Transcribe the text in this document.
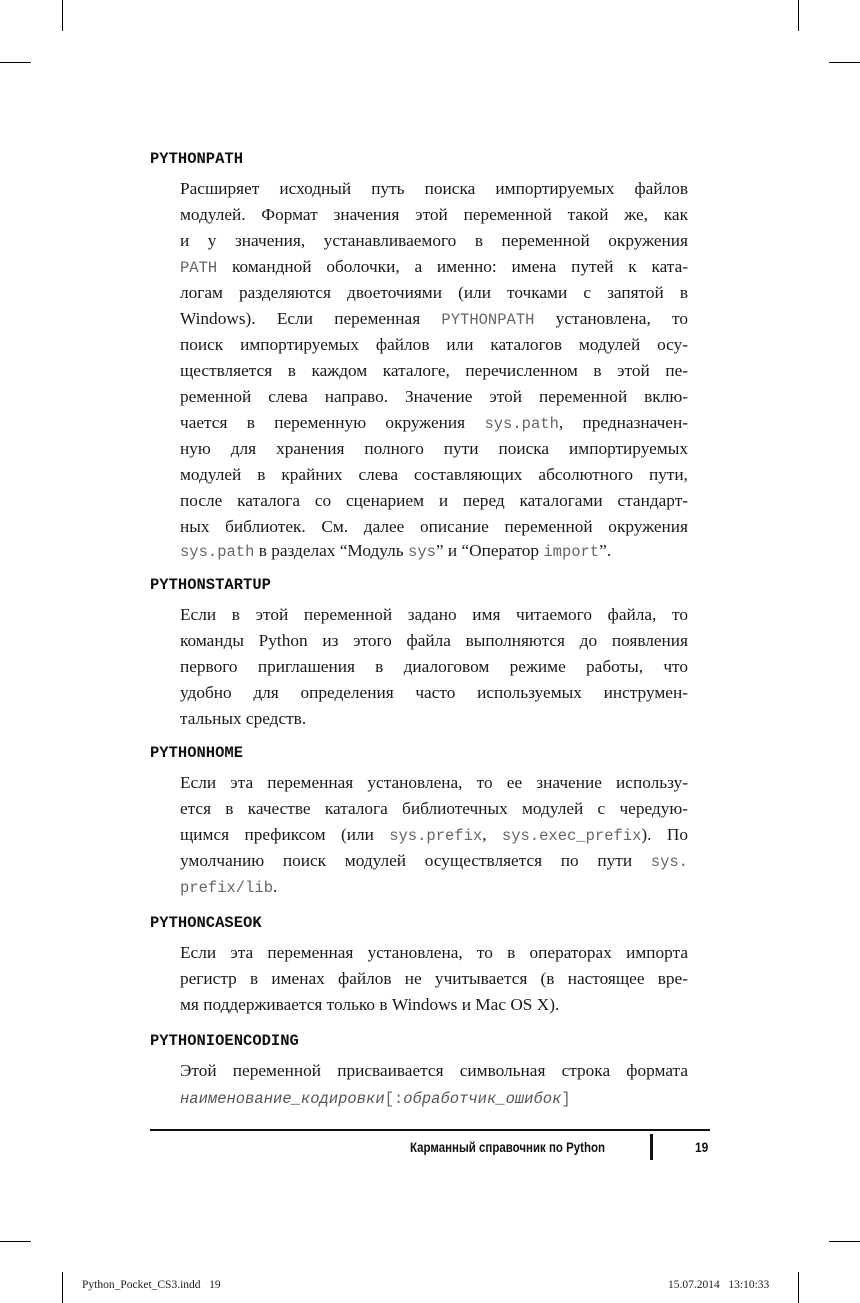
PYTHONPATH
Расширяет исходный путь поиска импортируемых файлов
модулей. Формат значения этой переменной такой же, как
и у значения, устанавливаемого в переменной окружения
PATH командной оболочки, а именно: имена путей к ката-
логам разделяются двоеточиями (или точками с запятой в
Windows). Если переменная PYTHONPATH установлена, то
поиск импортируемых файлов или каталогов модулей осу-
ществляется в каждом каталоге, перечисленном в этой пе-
ременной слева направо. Значение этой переменной вклю-
чается в переменную окружения sys.path, предназначен-
ную для хранения полного пути поиска импортируемых
модулей в крайних слева составляющих абсолютного пути,
после каталога со сценарием и перед каталогами стандарт-
ных библиотек. См. далее описание переменной окружения
sys.path в разделах “Модуль sys” и “Оператор import”.
PYTHONSTARTUP
Если в этой переменной задано имя читаемого файла, то
команды Python из этого файла выполняются до появления
первого приглашения в диалоговом режиме работы, что
удобно для определения часто используемых инструмен-
тальных средств.
PYTHONHOME
Если эта переменная установлена, то ее значение использу-
ется в качестве каталога библиотечных модулей с чередую-
щимся префиксом (или sys.prefix, sys.exec_prefix). По
умолчанию поиск модулей осуществляется по пути sys.
prefix/lib.
PYTHONCASEOK
Если эта переменная установлена, то в операторах импорта
регистр в именах файлов не учитывается (в настоящее вре-
мя поддерживается только в Windows и Mac OS X).
PYTHONIOENCODING
Этой переменной присваивается символьная строка формата
наименование_кодировки[:обработчик_ошибок]
Карманный справочник по Python	19
Python_Pocket_CS3.indd   19	15.07.2014   13:10:33
